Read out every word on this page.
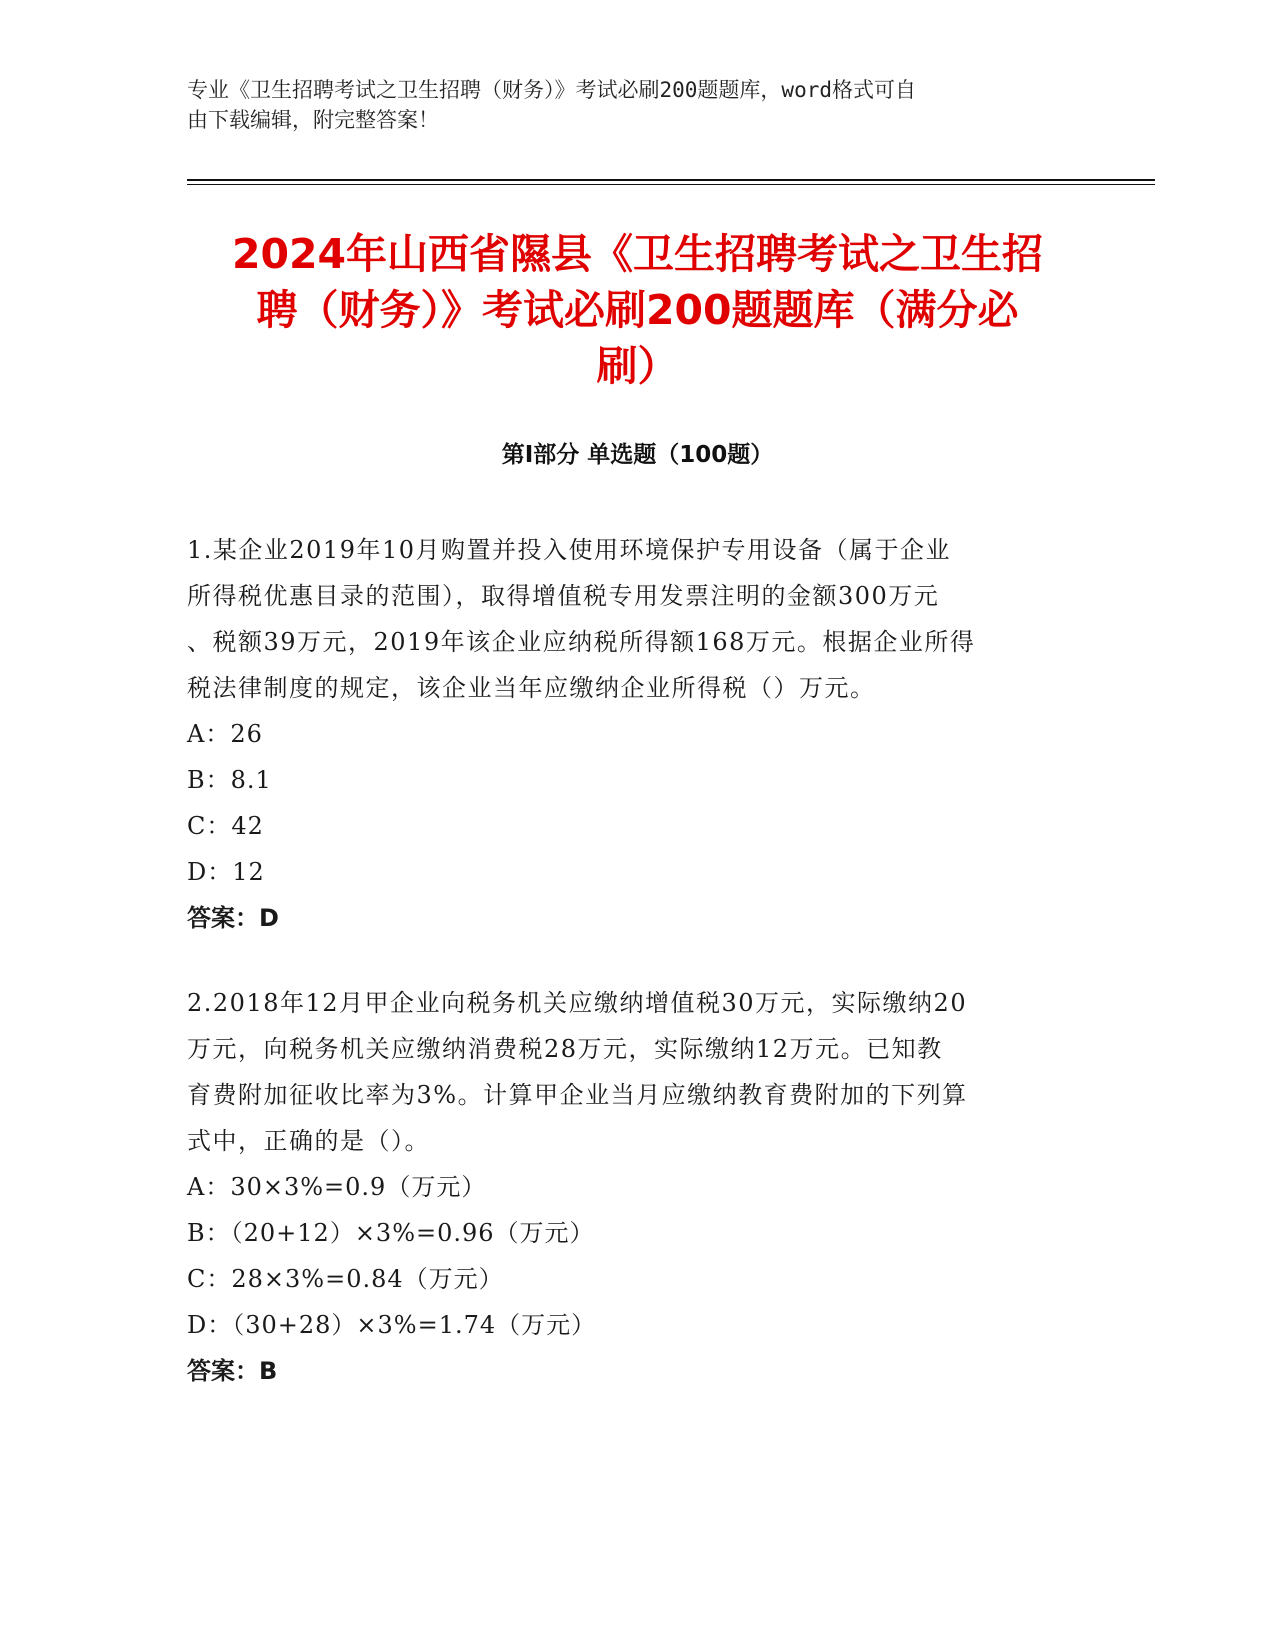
专业《卫生招聘考试之卫生招聘（财务）》考试必刷200题题库，word格式可自
由下载编辑，附完整答案！
2024年山西省隰县《卫生招聘考试之卫生招
聘（财务）》考试必刷200题题库（满分必
刷）
第Ⅰ部分 单选题（100题）
1.某企业2019年10月购置并投入使用环境保护专用设备（属于企业
所得税优惠目录的范围），取得增值税专用发票注明的金额300万元
、税额39万元，2019年该企业应纳税所得额168万元。根据企业所得
税法律制度的规定，该企业当年应缴纳企业所得税（）万元。
A：26
B：8.1
C：42
D：12
答案：D
2.2018年12月甲企业向税务机关应缴纳增值税30万元，实际缴纳20
万元，向税务机关应缴纳消费税28万元，实际缴纳12万元。已知教
育费附加征收比率为3%。计算甲企业当月应缴纳教育费附加的下列算
式中，正确的是（）。
A：30×3%=0.9（万元）
B：（20+12）×3%=0.96（万元）
C：28×3%=0.84（万元）
D：（30+28）×3%=1.74（万元）
答案：B
